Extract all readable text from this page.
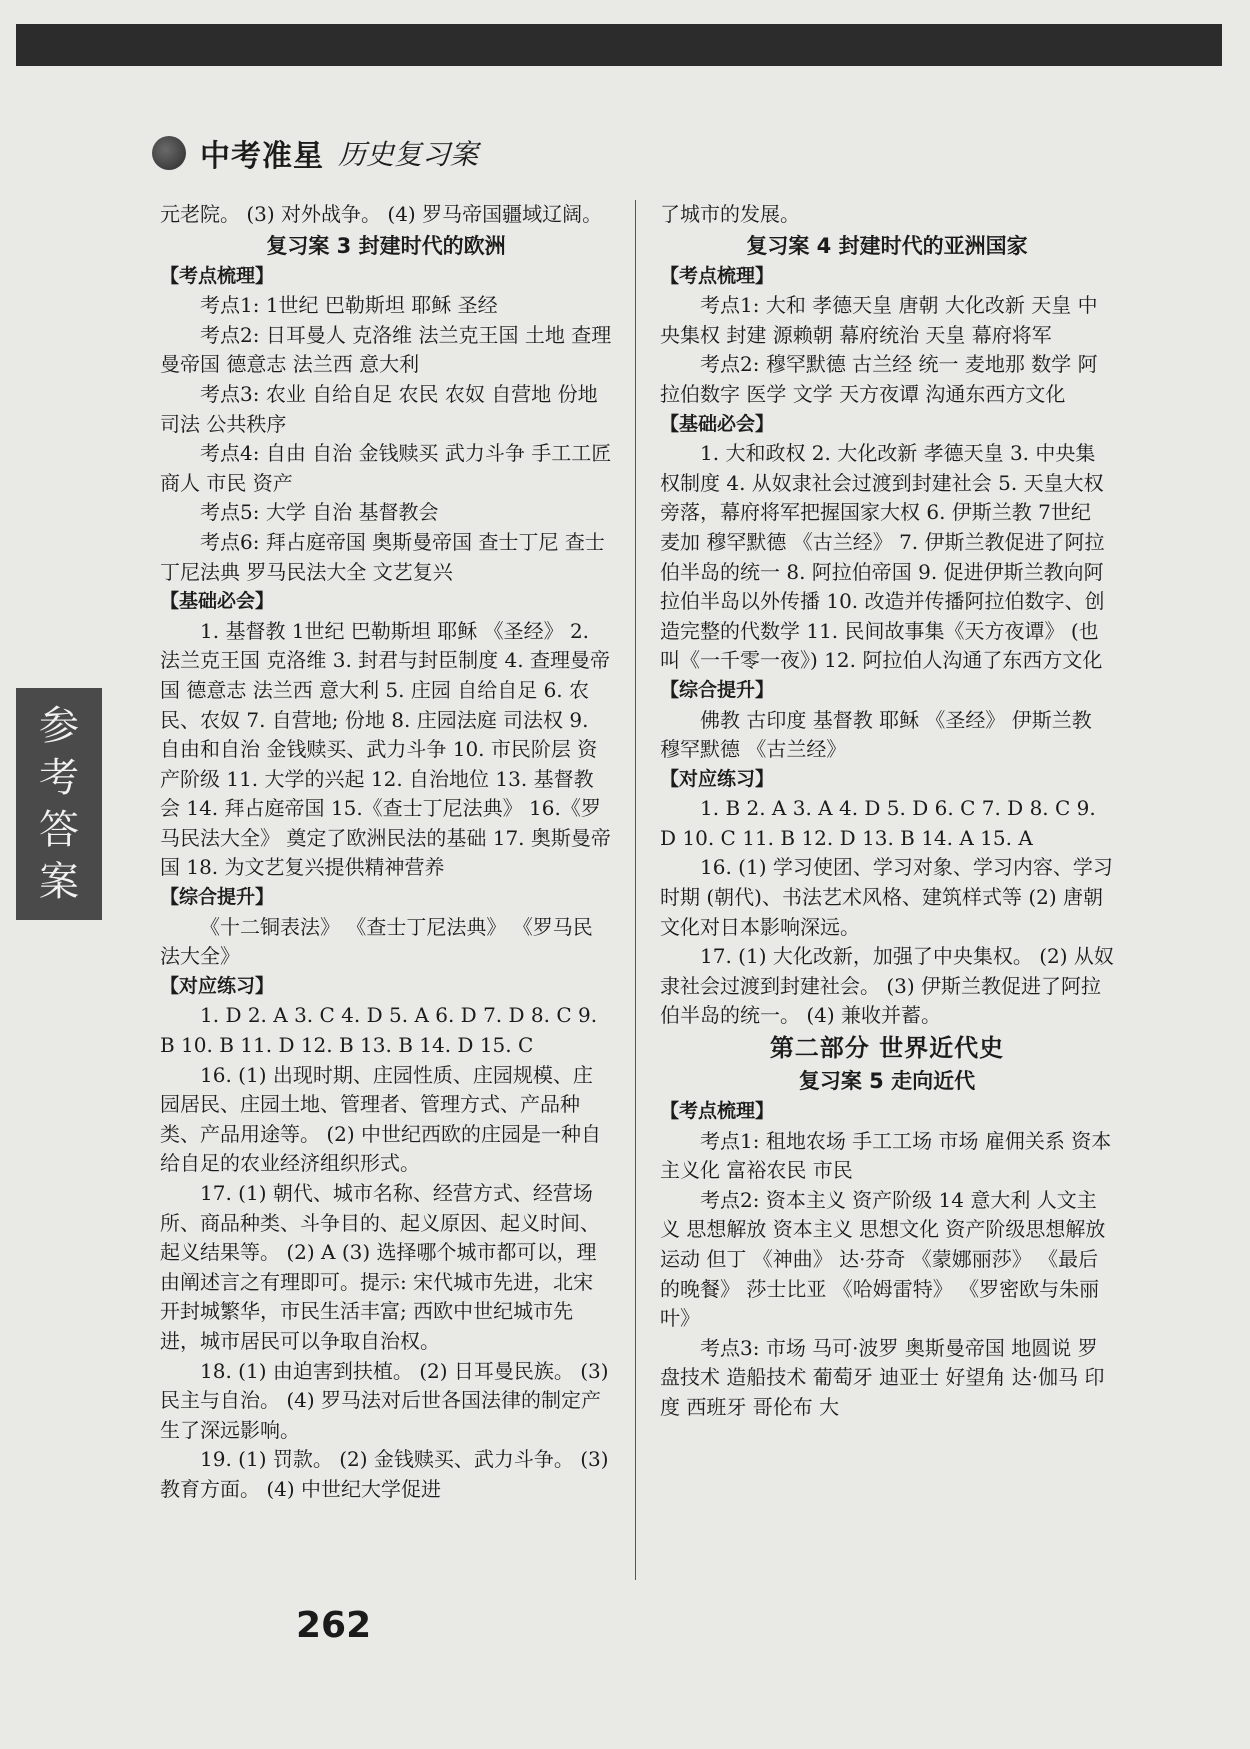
中考准星 历史复习案
参
考
答
案

元老院。 (3) 对外战争。 (4) 罗马帝国疆域辽阔。

复习案 3 封建时代的欧洲

【考点梳理】

考点1: 1世纪 巴勒斯坦 耶稣 圣经

考点2: 日耳曼人 克洛维 法兰克王国 土地 查理曼帝国 德意志 法兰西 意大利

考点3: 农业 自给自足 农民 农奴 自营地 份地 司法 公共秩序

考点4: 自由 自治 金钱赎买 武力斗争 手工工匠 商人 市民 资产

考点5: 大学 自治 基督教会

考点6: 拜占庭帝国 奥斯曼帝国 查士丁尼 查士丁尼法典 罗马民法大全 文艺复兴

【基础必会】

1. 基督教 1世纪 巴勒斯坦 耶稣 《圣经》 2. 法兰克王国 克洛维 3. 封君与封臣制度 4. 查理曼帝国 德意志 法兰西 意大利 5. 庄园 自给自足 6. 农民、农奴 7. 自营地; 份地 8. 庄园法庭 司法权 9. 自由和自治 金钱赎买、武力斗争 10. 市民阶层 资产阶级 11. 大学的兴起 12. 自治地位 13. 基督教会 14. 拜占庭帝国 15.《查士丁尼法典》 16.《罗马民法大全》 奠定了欧洲民法的基础 17. 奥斯曼帝国 18. 为文艺复兴提供精神营养

【综合提升】

《十二铜表法》 《查士丁尼法典》 《罗马民法大全》

【对应练习】

1. D 2. A 3. C 4. D 5. A 6. D 7. D 8. C 9. B 10. B 11. D 12. B 13. B 14. D 15. C

16. (1) 出现时期、庄园性质、庄园规模、庄园居民、庄园土地、管理者、管理方式、产品种类、产品用途等。 (2) 中世纪西欧的庄园是一种自给自足的农业经济组织形式。

17. (1) 朝代、城市名称、经营方式、经营场所、商品种类、斗争目的、起义原因、起义时间、起义结果等。 (2) A (3) 选择哪个城市都可以，理由阐述言之有理即可。提示: 宋代城市先进，北宋开封城繁华，市民生活丰富; 西欧中世纪城市先进，城市居民可以争取自治权。

18. (1) 由迫害到扶植。 (2) 日耳曼民族。 (3) 民主与自治。 (4) 罗马法对后世各国法律的制定产生了深远影响。

19. (1) 罚款。 (2) 金钱赎买、武力斗争。 (3) 教育方面。 (4) 中世纪大学促进

了城市的发展。

复习案 4 封建时代的亚洲国家

【考点梳理】

考点1: 大和 孝德天皇 唐朝 大化改新 天皇 中央集权 封建 源赖朝 幕府统治 天皇 幕府将军

考点2: 穆罕默德 古兰经 统一 麦地那 数学 阿拉伯数字 医学 文学 天方夜谭 沟通东西方文化

【基础必会】

1. 大和政权 2. 大化改新 孝德天皇 3. 中央集权制度 4. 从奴隶社会过渡到封建社会 5. 天皇大权旁落，幕府将军把握国家大权 6. 伊斯兰教 7世纪 麦加 穆罕默德 《古兰经》 7. 伊斯兰教促进了阿拉伯半岛的统一 8. 阿拉伯帝国 9. 促进伊斯兰教向阿拉伯半岛以外传播 10. 改造并传播阿拉伯数字、创造完整的代数学 11. 民间故事集《天方夜谭》 (也叫《一千零一夜》) 12. 阿拉伯人沟通了东西方文化

【综合提升】

佛教 古印度 基督教 耶稣 《圣经》 伊斯兰教 穆罕默德 《古兰经》

【对应练习】

1. B 2. A 3. A 4. D 5. D 6. C 7. D 8. C 9. D 10. C 11. B 12. D 13. B 14. A 15. A

16. (1) 学习使团、学习对象、学习内容、学习时期 (朝代)、书法艺术风格、建筑样式等 (2) 唐朝文化对日本影响深远。

17. (1) 大化改新，加强了中央集权。 (2) 从奴隶社会过渡到封建社会。 (3) 伊斯兰教促进了阿拉伯半岛的统一。 (4) 兼收并蓄。

第二部分 世界近代史

复习案 5 走向近代

【考点梳理】

考点1: 租地农场 手工工场 市场 雇佣关系 资本主义化 富裕农民 市民

考点2: 资本主义 资产阶级 14 意大利 人文主义 思想解放 资本主义 思想文化 资产阶级思想解放运动 但丁 《神曲》 达·芬奇 《蒙娜丽莎》 《最后的晚餐》 莎士比亚 《哈姆雷特》 《罗密欧与朱丽叶》

考点3: 市场 马可·波罗 奥斯曼帝国 地圆说 罗盘技术 造船技术 葡萄牙 迪亚士 好望角 达·伽马 印度 西班牙 哥伦布 大

262
